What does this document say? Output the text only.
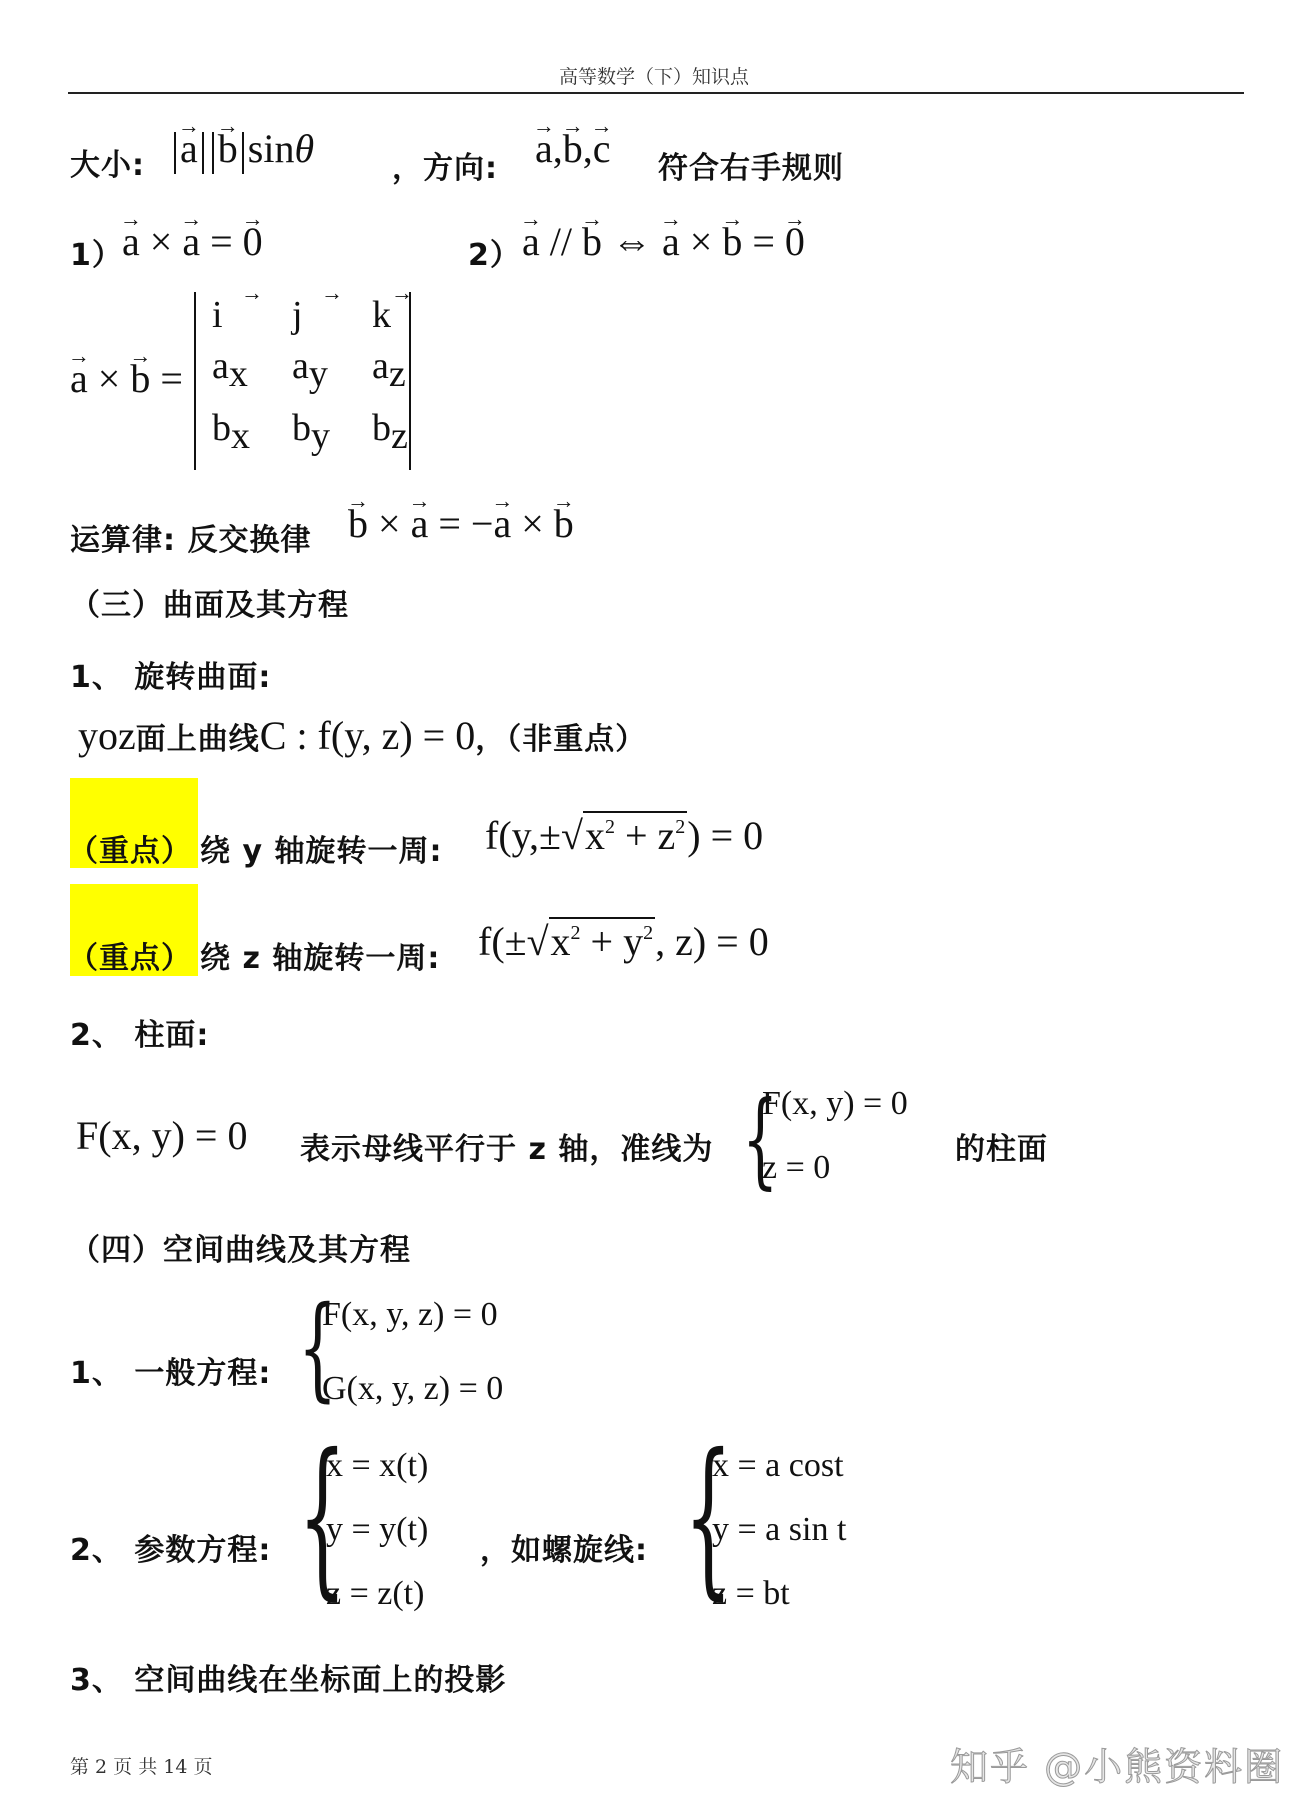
高等数学（下）知识点
大小: → a → b sinθ	，方向: → a,→ b,→ c 符合右手规则
1） → a × → a = → 0	2） → a // → b ⇔ → a × → b = → 0
→ a × → b =
→ i	→ j	→ k
ax	ay	az
bx	by	bz
运算律: 反交换律 → b × → a = −→ a × → b
（三）曲面及其方程
1、 旋转曲面:
yoz面上曲线C : f(y, z) = 0，（非重点）
（重点） 绕 y 轴旋转一周: $f(y,\pm√x^2 + z^2) = 0$
（重点） 绕 z 轴旋转一周: $f(\pm√x^2 + y^2$, z) = 0
2、 柱面:
F(x, y) = 0 表示母线平行于 z 轴，准线为 {
F(x, y) = 0
z = 0	的柱面
（四）空间曲线及其方程
1、 一般方程: {
F(x, y, z) = 0
G(x, y, z) = 0
2、 参数方程: {
x = x(t)
y = y(t)
z = z(t)
，如螺旋线: {
x = a cost
y = a sin t
z = bt
3、 空间曲线在坐标面上的投影
第 2 页 共 14 页	知乎 @小熊资料圈
